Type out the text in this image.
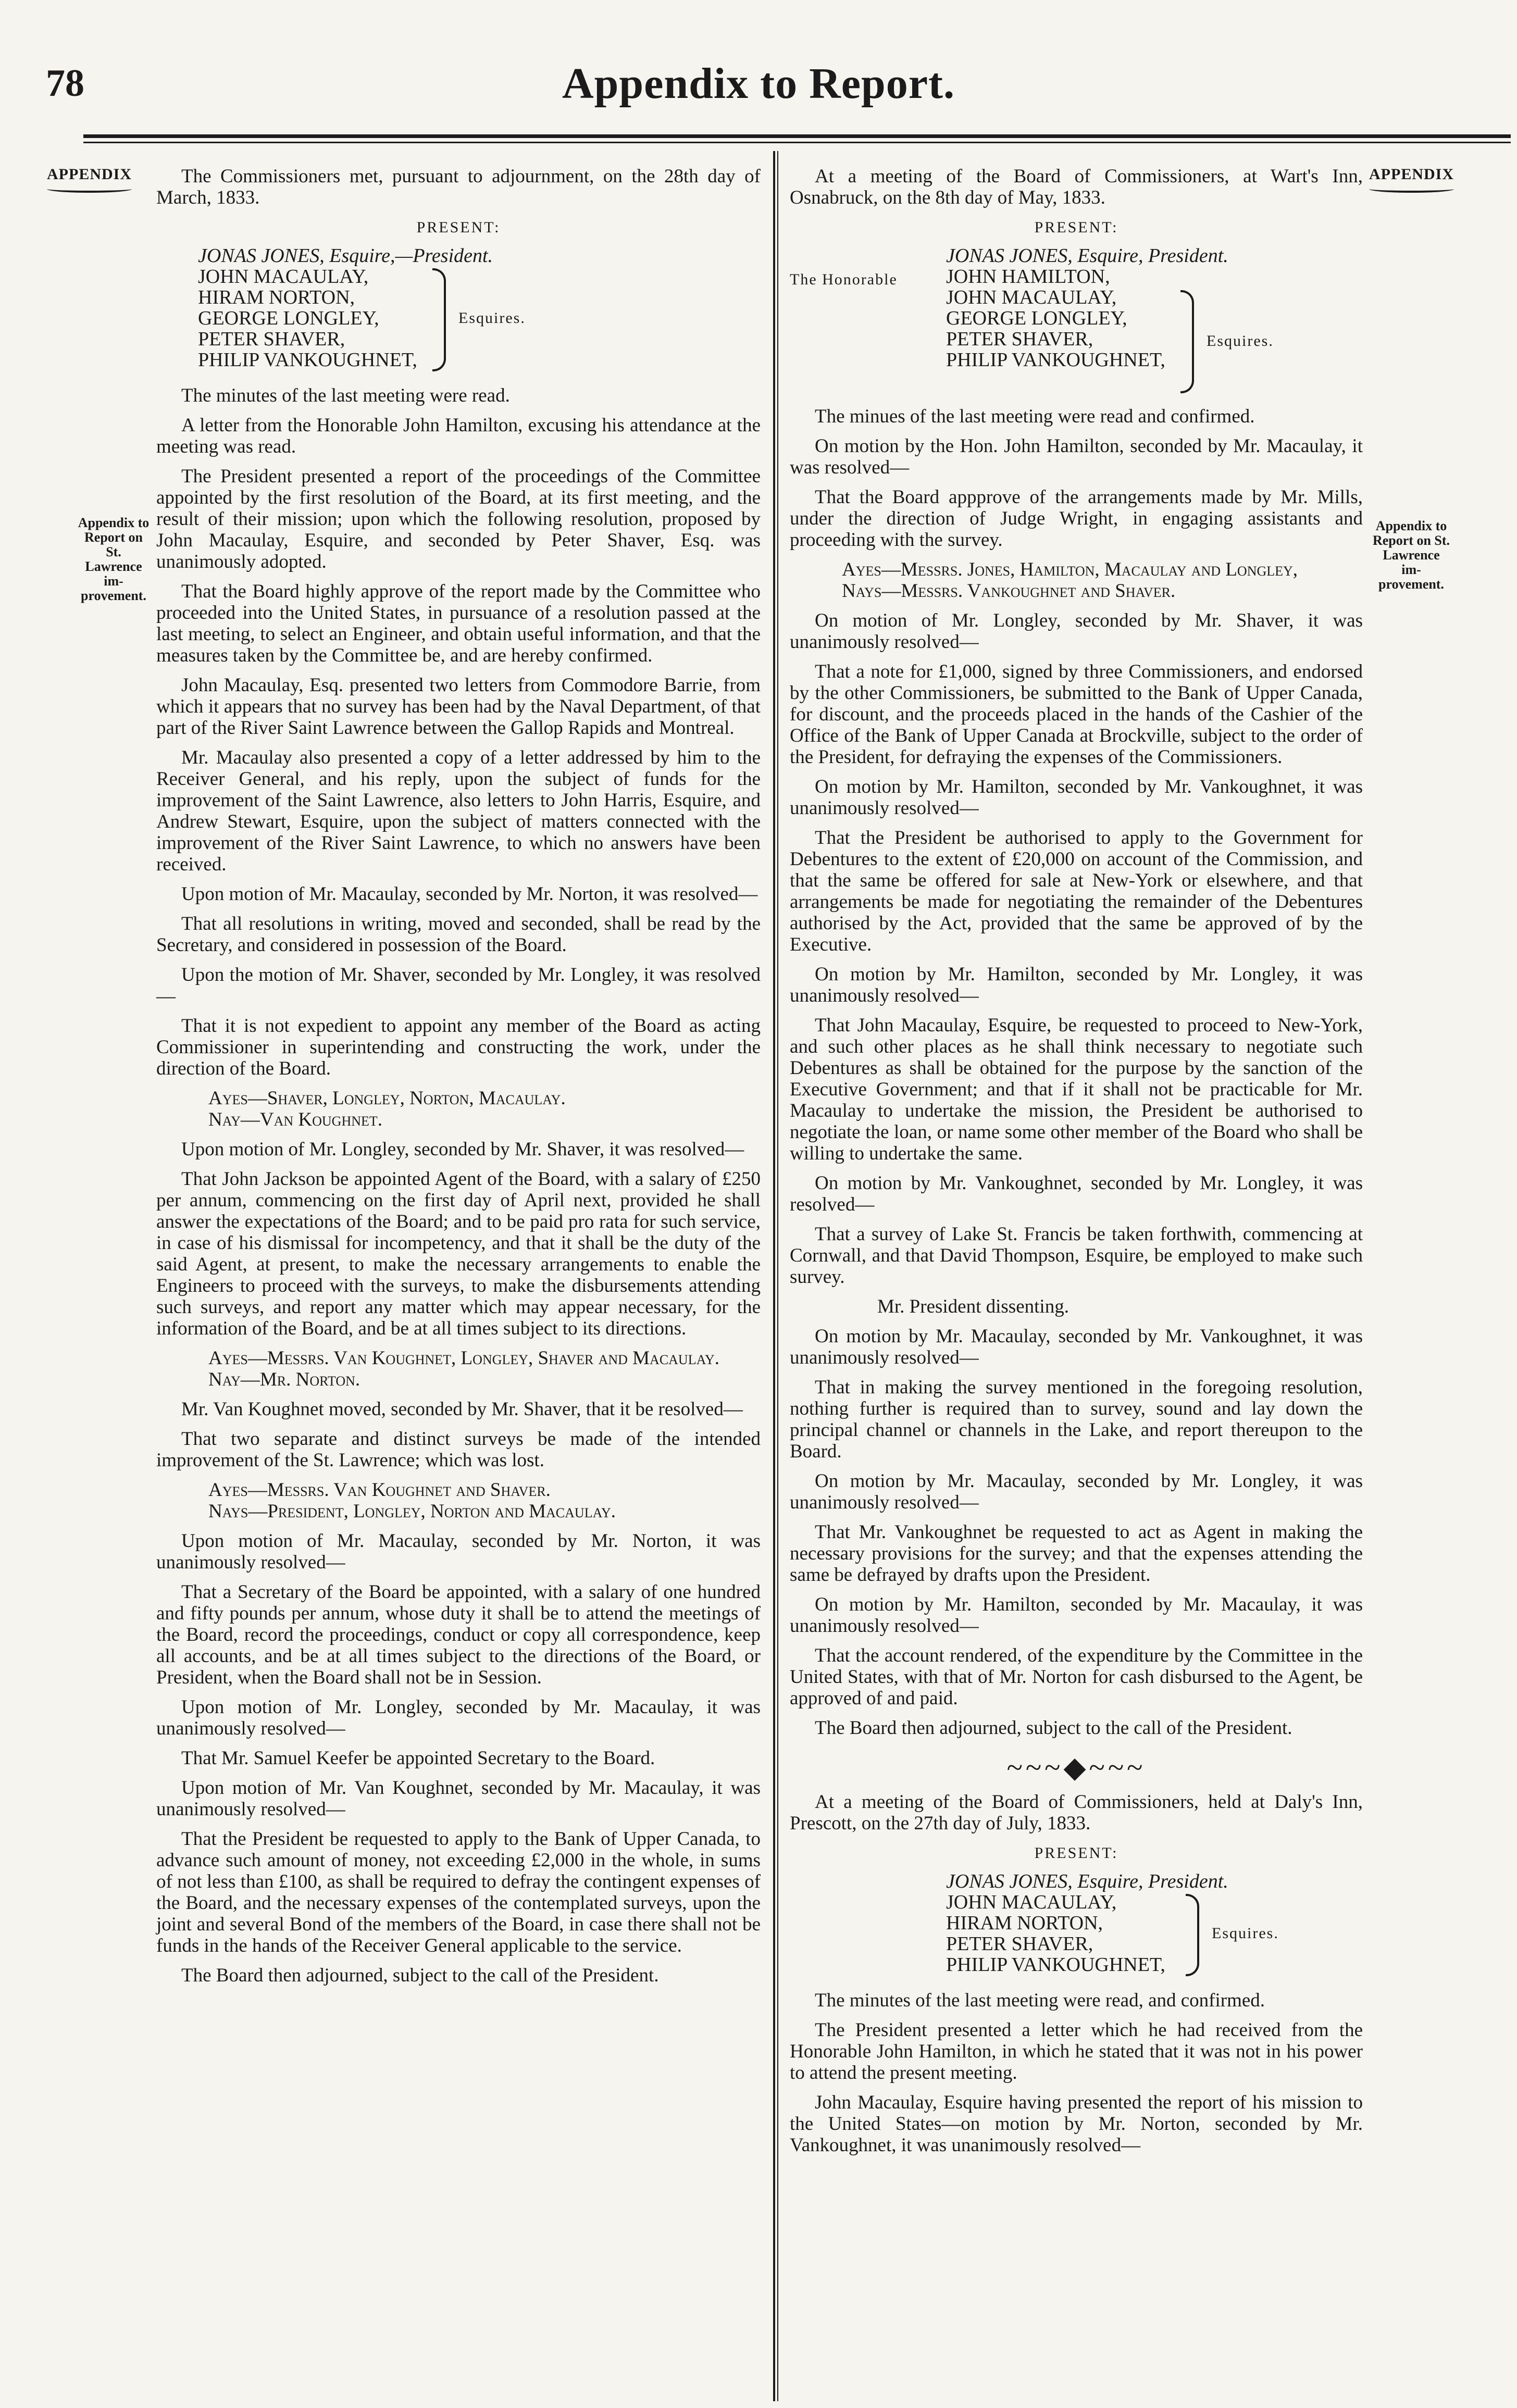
78	Appendix to Report.
APPENDIX	APPENDIX
Appendix to
Report on St.
Lawrence im-
provement.
Appendix to
Report on St.
Lawrence im-
provement.

The Commissioners met, pursuant to adjournment, on the 28th day of March, 1833.

PRESENT:
JONAS JONES, Esquire,—President.
JOHN MACAULAY,
HIRAM NORTON,
GEORGE LONGLEY,
PETER SHAVER,
PHILIP VANKOUGHNET,
Esquires.

The minutes of the last meeting were read.

A letter from the Honorable John Hamilton, excusing his attendance at the meeting was read.

The President presented a report of the proceedings of the Committee appointed by the first resolution of the Board, at its first meeting, and the result of their mission; upon which the following resolution, proposed by John Macaulay, Esquire, and seconded by Peter Shaver, Esq. was unanimously adopted.

That the Board highly approve of the report made by the Committee who proceeded into the United States, in pursuance of a resolution passed at the last meeting, to select an Engineer, and obtain useful information, and that the measures taken by the Committee be, and are hereby confirmed.

John Macaulay, Esq. presented two letters from Commodore Barrie, from which it appears that no survey has been had by the Naval Department, of that part of the River Saint Lawrence between the Gallop Rapids and Montreal.

Mr. Macaulay also presented a copy of a letter addressed by him to the Receiver General, and his reply, upon the subject of funds for the improvement of the Saint Lawrence, also letters to John Harris, Esquire, and Andrew Stewart, Esquire, upon the subject of matters connected with the improvement of the River Saint Lawrence, to which no answers have been received.

Upon motion of Mr. Macaulay, seconded by Mr. Norton, it was resolved—

That all resolutions in writing, moved and seconded, shall be read by the Secretary, and considered in possession of the Board.

Upon the motion of Mr. Shaver, seconded by Mr. Longley, it was resolved—

That it is not expedient to appoint any member of the Board as acting Commissioner in superintending and constructing the work, under the direction of the Board.

Ayes—Shaver, Longley, Norton, Macaulay.
Nay—Van Koughnet.

Upon motion of Mr. Longley, seconded by Mr. Shaver, it was resolved—

That John Jackson be appointed Agent of the Board, with a salary of £250 per annum, commencing on the first day of April next, provided he shall answer the expectations of the Board; and to be paid pro rata for such service, in case of his dismissal for incompetency, and that it shall be the duty of the said Agent, at present, to make the necessary arrangements to enable the Engineers to proceed with the surveys, to make the disbursements attending such surveys, and report any matter which may appear necessary, for the information of the Board, and be at all times subject to its directions.

Ayes—Messrs. Van Koughnet, Longley, Shaver and Macaulay.
Nay—Mr. Norton.

Mr. Van Koughnet moved, seconded by Mr. Shaver, that it be resolved—

That two separate and distinct surveys be made of the intended improvement of the St. Lawrence; which was lost.

Ayes—Messrs. Van Koughnet and Shaver.
Nays—President, Longley, Norton and Macaulay.

Upon motion of Mr. Macaulay, seconded by Mr. Norton, it was unanimously resolved—

That a Secretary of the Board be appointed, with a salary of one hundred and fifty pounds per annum, whose duty it shall be to attend the meetings of the Board, record the proceedings, conduct or copy all correspondence, keep all accounts, and be at all times subject to the directions of the Board, or President, when the Board shall not be in Session.

Upon motion of Mr. Longley, seconded by Mr. Macaulay, it was unanimously resolved—

That Mr. Samuel Keefer be appointed Secretary to the Board.

Upon motion of Mr. Van Koughnet, seconded by Mr. Macaulay, it was unanimously resolved—

That the President be requested to apply to the Bank of Upper Canada, to advance such amount of money, not exceeding £2,000 in the whole, in sums of not less than £100, as shall be required to defray the contingent expenses of the Board, and the necessary expenses of the contemplated surveys, upon the joint and several Bond of the members of the Board, in case there shall not be funds in the hands of the Receiver General applicable to the service.

The Board then adjourned, subject to the call of the President.

At a meeting of the Board of Commissioners, at Wart's Inn, Osnabruck, on the 8th day of May, 1833.

PRESENT:
JONAS JONES, Esquire, President.
JOHN HAMILTON,
JOHN MACAULAY,
GEORGE LONGLEY,
PETER SHAVER,
PHILIP VANKOUGHNET,
The Honorable
Esquires.

The minues of the last meeting were read and confirmed.

On motion by the Hon. John Hamilton, seconded by Mr. Macaulay, it was resolved—

That the Board appprove of the arrangements made by Mr. Mills, under the direction of Judge Wright, in engaging assistants and proceeding with the survey.

Ayes—Messrs. Jones, Hamilton, Macaulay and Longley,
Nays—Messrs. Vankoughnet and Shaver.

On motion of Mr. Longley, seconded by Mr. Shaver, it was unanimously resolved—

That a note for £1,000, signed by three Commissioners, and endorsed by the other Commissioners, be submitted to the Bank of Upper Canada, for discount, and the proceeds placed in the hands of the Cashier of the Office of the Bank of Upper Canada at Brockville, subject to the order of the President, for defraying the expenses of the Commissioners.

On motion by Mr. Hamilton, seconded by Mr. Vankoughnet, it was unanimously resolved—

That the President be authorised to apply to the Government for Debentures to the extent of £20,000 on account of the Commission, and that the same be offered for sale at New-York or elsewhere, and that arrangements be made for negotiating the remainder of the Debentures authorised by the Act, provided that the same be approved of by the Executive.

On motion by Mr. Hamilton, seconded by Mr. Longley, it was unanimously resolved—

That John Macaulay, Esquire, be requested to proceed to New-York, and such other places as he shall think necessary to negotiate such Debentures as shall be obtained for the purpose by the sanction of the Executive Government; and that if it shall not be practicable for Mr. Macaulay to undertake the mission, the President be authorised to negotiate the loan, or name some other member of the Board who shall be willing to undertake the same.

On motion by Mr. Vankoughnet, seconded by Mr. Longley, it was resolved—

That a survey of Lake St. Francis be taken forthwith, commencing at Cornwall, and that David Thompson, Esquire, be employed to make such survey.

Mr. President dissenting.

On motion by Mr. Macaulay, seconded by Mr. Vankoughnet, it was unanimously resolved—

That in making the survey mentioned in the foregoing resolution, nothing further is required than to survey, sound and lay down the principal channel or channels in the Lake, and report thereupon to the Board.

On motion by Mr. Macaulay, seconded by Mr. Longley, it was unanimously resolved—

That Mr. Vankoughnet be requested to act as Agent in making the necessary provisions for the survey; and that the expenses attending the same be defrayed by drafts upon the President.

On motion by Mr. Hamilton, seconded by Mr. Macaulay, it was unanimously resolved—

That the account rendered, of the expenditure by the Committee in the United States, with that of Mr. Norton for cash disbursed to the Agent, be approved of and paid.

The Board then adjourned, subject to the call of the President.

~~~◆~~~

At a meeting of the Board of Commissioners, held at Daly's Inn, Prescott, on the 27th day of July, 1833.

PRESENT:
JONAS JONES, Esquire, President.
JOHN MACAULAY,
HIRAM NORTON,
PETER SHAVER,
PHILIP VANKOUGHNET,
Esquires.

The minutes of the last meeting were read, and confirmed.

The President presented a letter which he had received from the Honorable John Hamilton, in which he stated that it was not in his power to attend the present meeting.

John Macaulay, Esquire having presented the report of his mission to the United States—on motion by Mr. Norton, seconded by Mr. Vankoughnet, it was unanimously resolved—
